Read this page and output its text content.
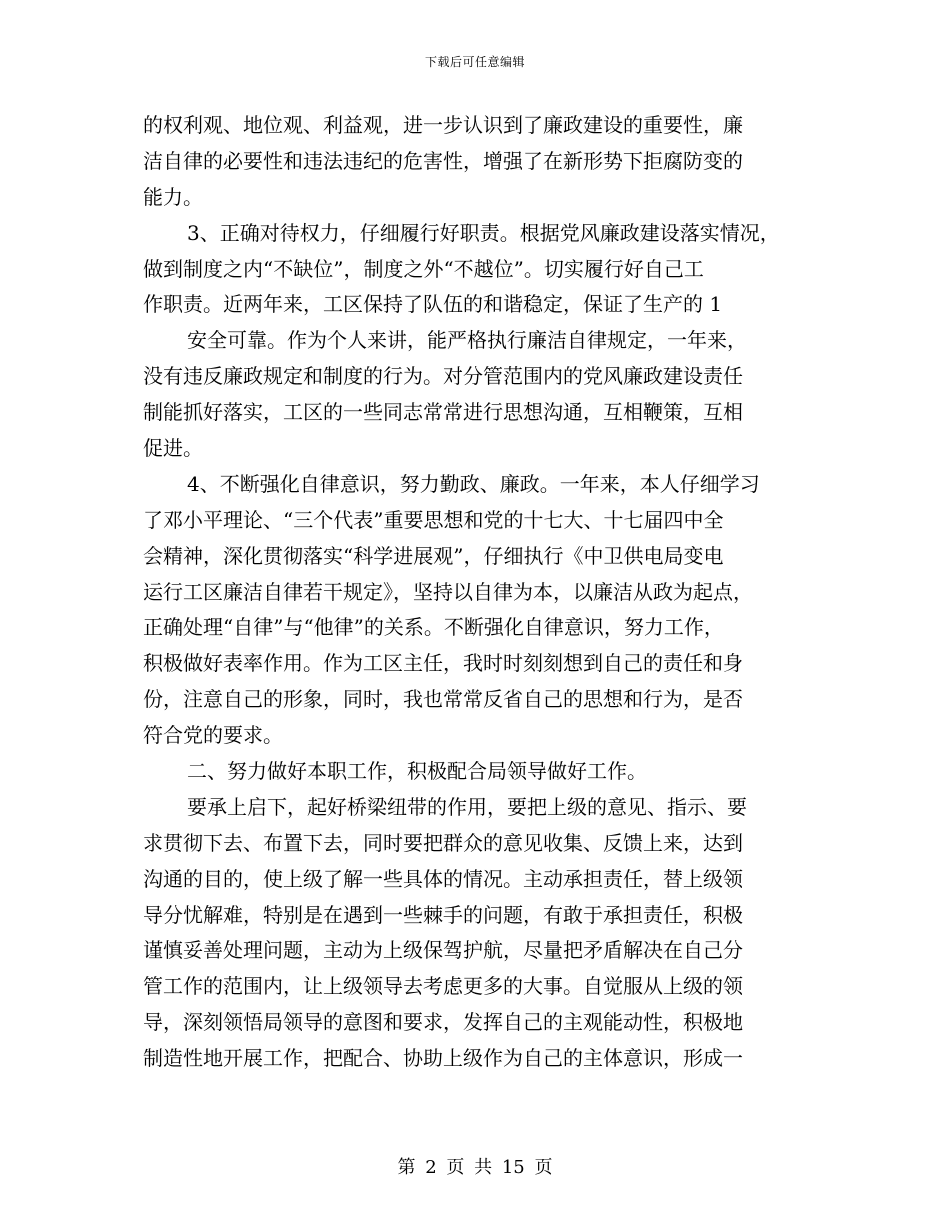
下载后可任意编辑
的权利观、地位观、利益观，进一步认识到了廉政建设的重要性，廉
洁自律的必要性和违法违纪的危害性，增强了在新形势下拒腐防变的
能力。
3、正确对待权力，仔细履行好职责。根据党风廉政建设落实情况，
做到制度之内“不缺位”，制度之外“不越位”。切实履行好自己工
作职责。近两年来，工区保持了队伍的和谐稳定，保证了生产的 1
安全可靠。作为个人来讲，能严格执行廉洁自律规定，一年来，
没有违反廉政规定和制度的行为。对分管范围内的党风廉政建设责任
制能抓好落实，工区的一些同志常常进行思想沟通，互相鞭策，互相
促进。
4、不断强化自律意识，努力勤政、廉政。一年来，本人仔细学习
了邓小平理论、“三个代表”重要思想和党的十七大、十七届四中全
会精神，深化贯彻落实“科学进展观”，仔细执行《中卫供电局变电
运行工区廉洁自律若干规定》，坚持以自律为本，以廉洁从政为起点，
正确处理“自律”与“他律”的关系。不断强化自律意识，努力工作，
积极做好表率作用。作为工区主任，我时时刻刻想到自己的责任和身
份，注意自己的形象，同时，我也常常反省自己的思想和行为，是否
符合党的要求。
二、努力做好本职工作，积极配合局领导做好工作。
要承上启下，起好桥梁纽带的作用，要把上级的意见、指示、要
求贯彻下去、布置下去，同时要把群众的意见收集、反馈上来，达到
沟通的目的，使上级了解一些具体的情况。主动承担责任，替上级领
导分忧解难，特别是在遇到一些棘手的问题，有敢于承担责任，积极
谨慎妥善处理问题，主动为上级保驾护航，尽量把矛盾解决在自己分
管工作的范围内，让上级领导去考虑更多的大事。自觉服从上级的领
导，深刻领悟局领导的意图和要求，发挥自己的主观能动性，积极地
制造性地开展工作，把配合、协助上级作为自己的主体意识，形成一
第 2 页 共 15 页
